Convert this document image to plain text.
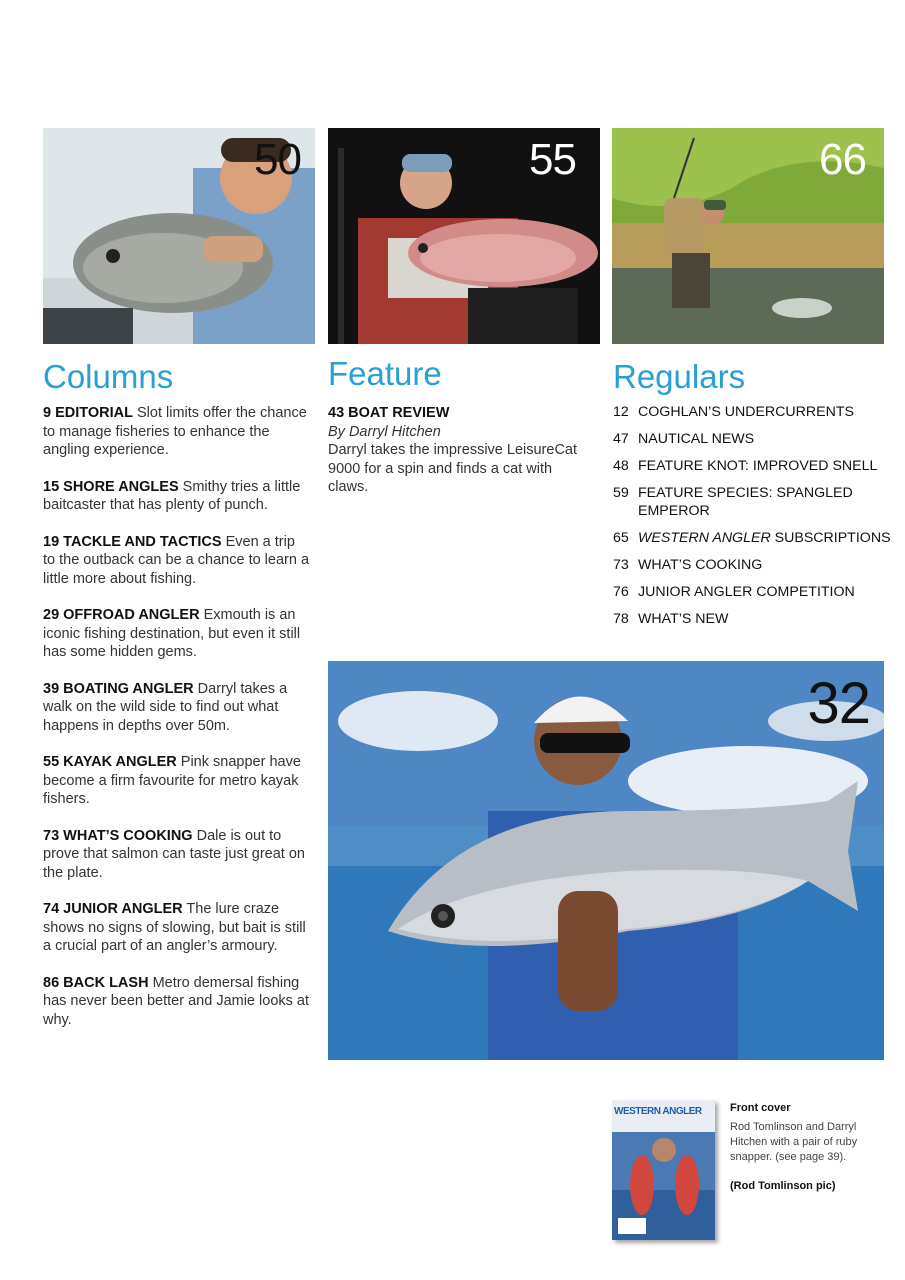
50	55	66
Columns	Feature	Regulars

9 EDITORIAL Slot limits offer the chance to manage fisheries to enhance the angling experience.

15 SHORE ANGLES Smithy tries a little baitcaster that has plenty of punch.

19 TACKLE AND TACTICS Even a trip to the outback can be a chance to learn a little more about fishing.

29 OFFROAD ANGLER Exmouth is an iconic fishing destination, but even it still has some hidden gems.

39 BOATING ANGLER Darryl takes a walk on the wild side to find out what happens in depths over 50m.

55 KAYAK ANGLER Pink snapper have become a firm favourite for metro kayak fishers.

73 WHAT’S COOKING Dale is out to prove that salmon can taste just great on the plate.

74 JUNIOR ANGLER The lure craze shows no signs of slowing, but bait is still a crucial part of an angler’s armoury.

86 BACK LASH Metro demersal fishing has never been better and Jamie looks at why.

43 BOAT REVIEW
By Darryl Hitchen
Darryl takes the impressive LeisureCat 9000 for a spin and finds a cat with claws.
12 COGHLAN’S UNDERCURRENTS
47 NAUTICAL NEWS
48 FEATURE KNOT: IMPROVED SNELL
59 FEATURE SPECIES: SPANGLED EMPEROR
65 WESTERN ANGLER SUBSCRIPTIONS
73 WHAT’S COOKING
76 JUNIOR ANGLER COMPETITION
78 WHAT’S NEW
32
WESTERN ANGLER	Front cover
Rod Tomlinson and Darryl Hitchen with a pair of ruby snapper. (see page 39).
(Rod Tomlinson pic)
